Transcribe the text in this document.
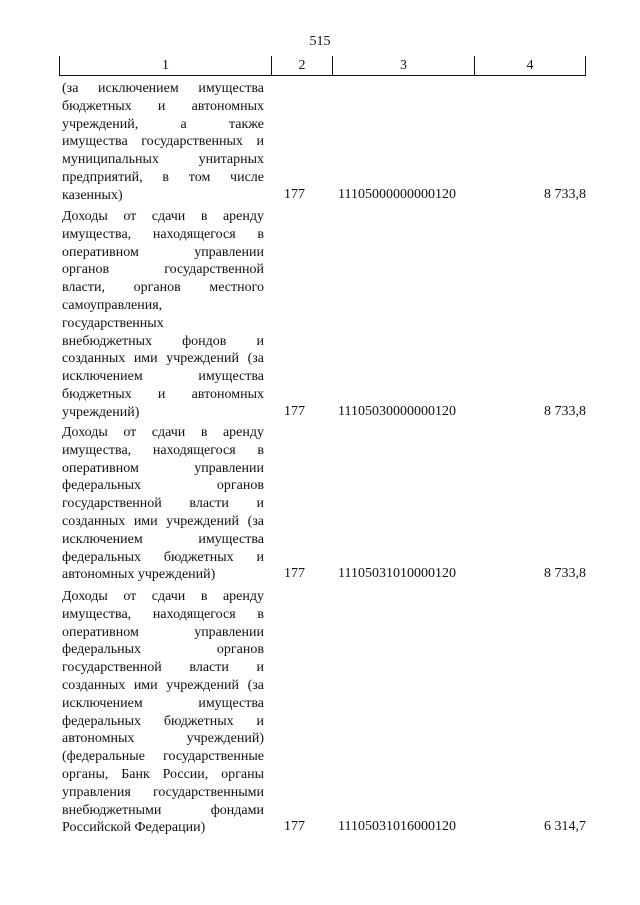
515
1	2	3	4
(за исключением имущества
бюджетных и автономных
учреждений, а также
имущества государственных и
муниципальных унитарных
предприятий, в том числе
казенных)	177	11105000000000120	8 733,8
Доходы от сдачи в аренду
имущества, находящегося в
оперативном управлении
органов государственной
власти, органов местного
самоуправления,
государственных
внебюджетных фондов и
созданных ими учреждений (за
исключением имущества
бюджетных и автономных
учреждений)	177	11105030000000120	8 733,8
Доходы от сдачи в аренду
имущества, находящегося в
оперативном управлении
федеральных органов
государственной власти и
созданных ими учреждений (за
исключением имущества
федеральных бюджетных и
автономных учреждений)	177	11105031010000120	8 733,8
Доходы от сдачи в аренду
имущества, находящегося в
оперативном управлении
федеральных органов
государственной власти и
созданных ими учреждений (за
исключением имущества
федеральных бюджетных и
автономных учреждений)
(федеральные государственные
органы, Банк России, органы
управления государственными
внебюджетными фондами
Российской Федерации)	177	11105031016000120	6 314,7
